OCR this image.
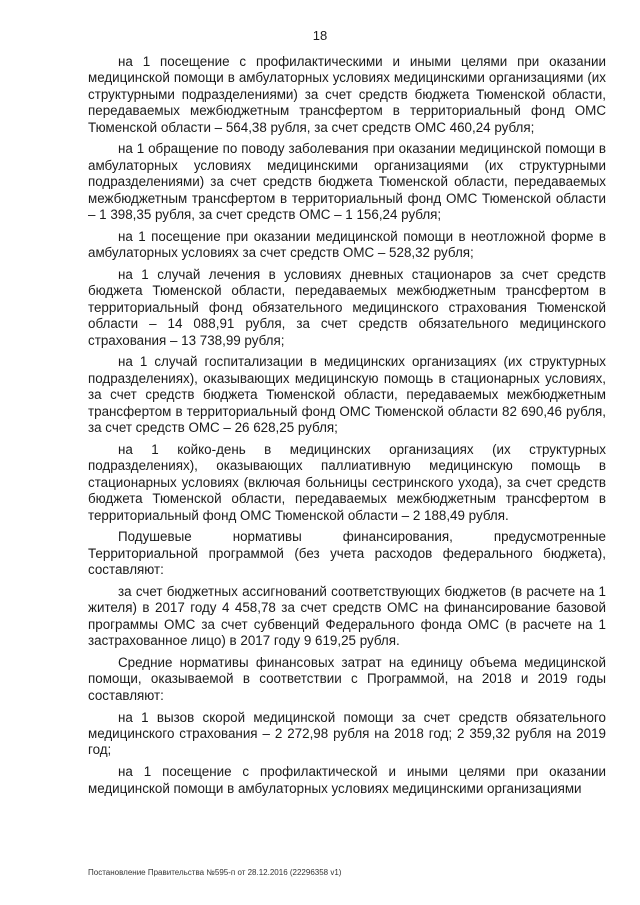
18

на 1 посещение с профилактическими и иными целями при оказании медицинской помощи в амбулаторных условиях медицинскими организациями (их структурными подразделениями) за счет средств бюджета Тюменской области, передаваемых межбюджетным трансфертом в территориальный фонд ОМС Тюменской области – 564,38 рубля, за счет средств ОМС 460,24 рубля;

на 1 обращение по поводу заболевания при оказании медицинской помощи в амбулаторных условиях медицинскими организациями (их структурными подразделениями) за счет средств бюджета Тюменской области, передаваемых межбюджетным трансфертом в территориальный фонд ОМС Тюменской области – 1 398,35 рубля, за счет средств ОМС – 1 156,24 рубля;

на 1 посещение при оказании медицинской помощи в неотложной форме в амбулаторных условиях за счет средств ОМС – 528,32 рубля;

на 1 случай лечения в условиях дневных стационаров за счет средств бюджета Тюменской области, передаваемых межбюджетным трансфертом в территориальный фонд обязательного медицинского страхования Тюменской области – 14 088,91 рубля, за счет средств обязательного медицинского страхования – 13 738,99 рубля;

на 1 случай госпитализации в медицинских организациях (их структурных подразделениях), оказывающих медицинскую помощь в стационарных условиях, за счет средств бюджета Тюменской области, передаваемых межбюджетным трансфертом в территориальный фонд ОМС Тюменской области 82 690,46 рубля, за счет средств ОМС – 26 628,25 рубля;

на 1 койко-день в медицинских организациях (их структурных подразделениях), оказывающих паллиативную медицинскую помощь в стационарных условиях (включая больницы сестринского ухода), за счет средств бюджета Тюменской области, передаваемых межбюджетным трансфертом в территориальный фонд ОМС Тюменской области – 2 188,49 рубля.

Подушевые нормативы финансирования, предусмотренные Территориальной программой (без учета расходов федерального бюджета), составляют:

за счет бюджетных ассигнований соответствующих бюджетов (в расчете на 1 жителя) в 2017 году 4 458,78 за счет средств ОМС на финансирование базовой программы ОМС за счет субвенций Федерального фонда ОМС (в расчете на 1 застрахованное лицо) в 2017 году 9 619,25 рубля.

Средние нормативы финансовых затрат на единицу объема медицинской помощи, оказываемой в соответствии с Программой, на 2018 и 2019 годы составляют:

на 1 вызов скорой медицинской помощи за счет средств обязательного медицинского страхования – 2 272,98 рубля на 2018 год; 2 359,32 рубля на 2019 год;

на 1 посещение с профилактической и иными целями при оказании медицинской помощи в амбулаторных условиях медицинскими организациями

Постановление Правительства №595-п от 28.12.2016 (22296358 v1)
